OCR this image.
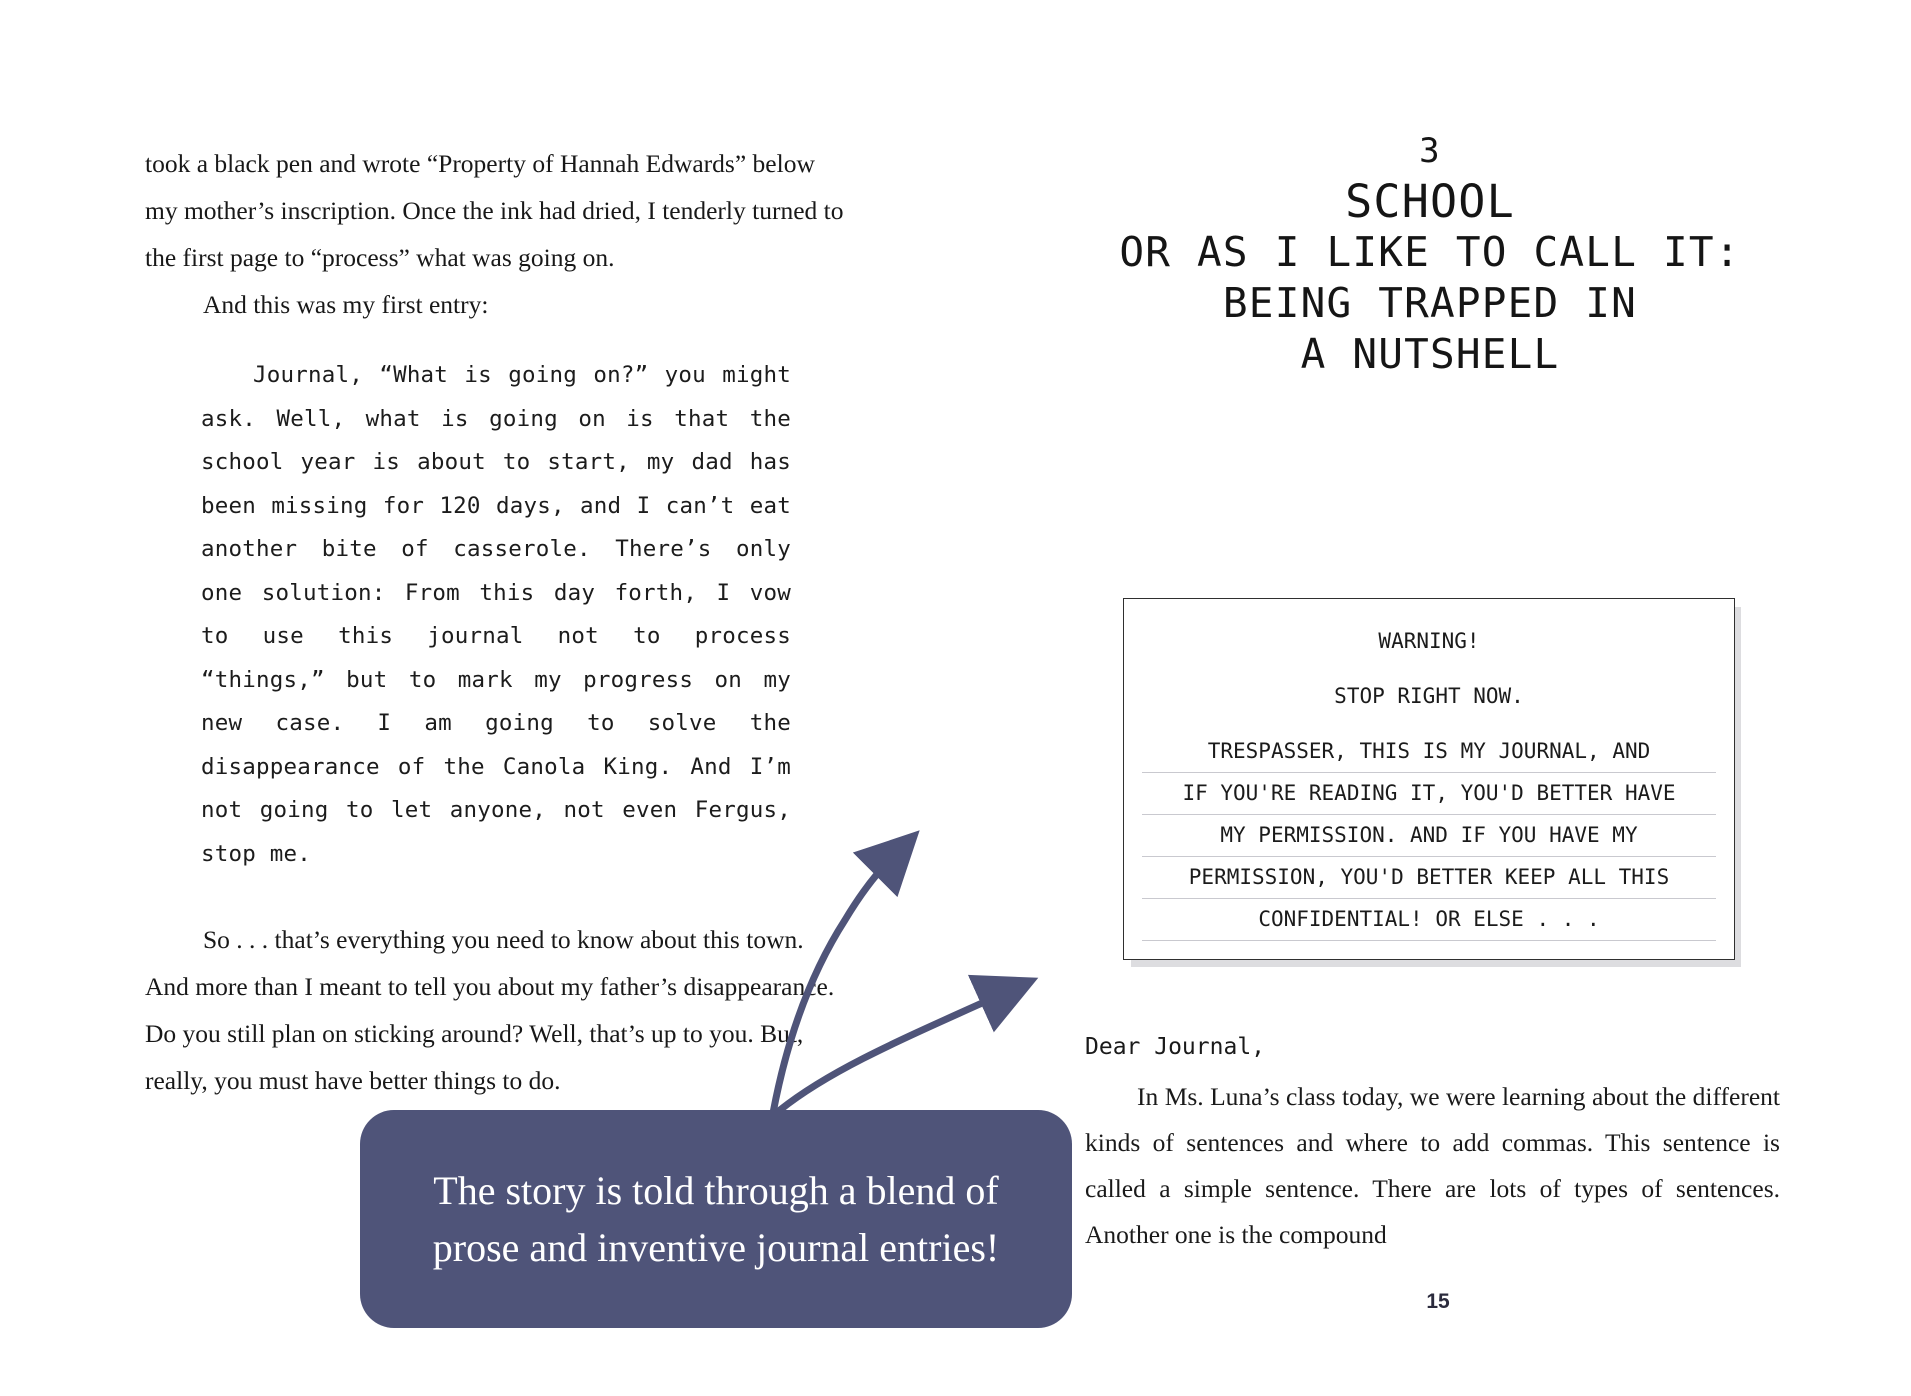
took a black pen and wrote “Property of Hannah Edwards” below my mother’s inscription. Once the ink had dried, I tenderly turned to the first page to “process” what was going on.

And this was my first entry:

Journal, “What is going on?” you might ask. Well, what is going on is that the school year is about to start, my dad has been missing for 120 days, and I can’t eat another bite of casserole. There’s only one solution: From this day forth, I vow to use this journal not to process “things,” but to mark my progress on my new case. I am going to solve the disappearance of the Canola King. And I’m not going to let anyone, not even Fergus, stop me.

So . . . that’s everything you need to know about this town. And more than I meant to tell you about my father’s disappearance. Do you still plan on sticking around? Well, that’s up to you. But, really, you must have better things to do.

3
SCHOOL
OR AS I LIKE TO CALL IT:
BEING TRAPPED IN
A NUTSHELL
WARNING!
STOP RIGHT NOW.
TRESPASSER, THIS IS MY JOURNAL, AND
IF YOU'RE READING IT, YOU'D BETTER HAVE
MY PERMISSION. AND IF YOU HAVE MY
PERMISSION, YOU'D BETTER KEEP ALL THIS
CONFIDENTIAL! OR ELSE . . .
Dear Journal,

In Ms. Luna’s class today, we were learning about the different kinds of sentences and where to add commas. This sentence is called a simple sentence. There are lots of types of sentences. Another one is the compound

15
The story is told through a blend of prose and inventive journal entries!
